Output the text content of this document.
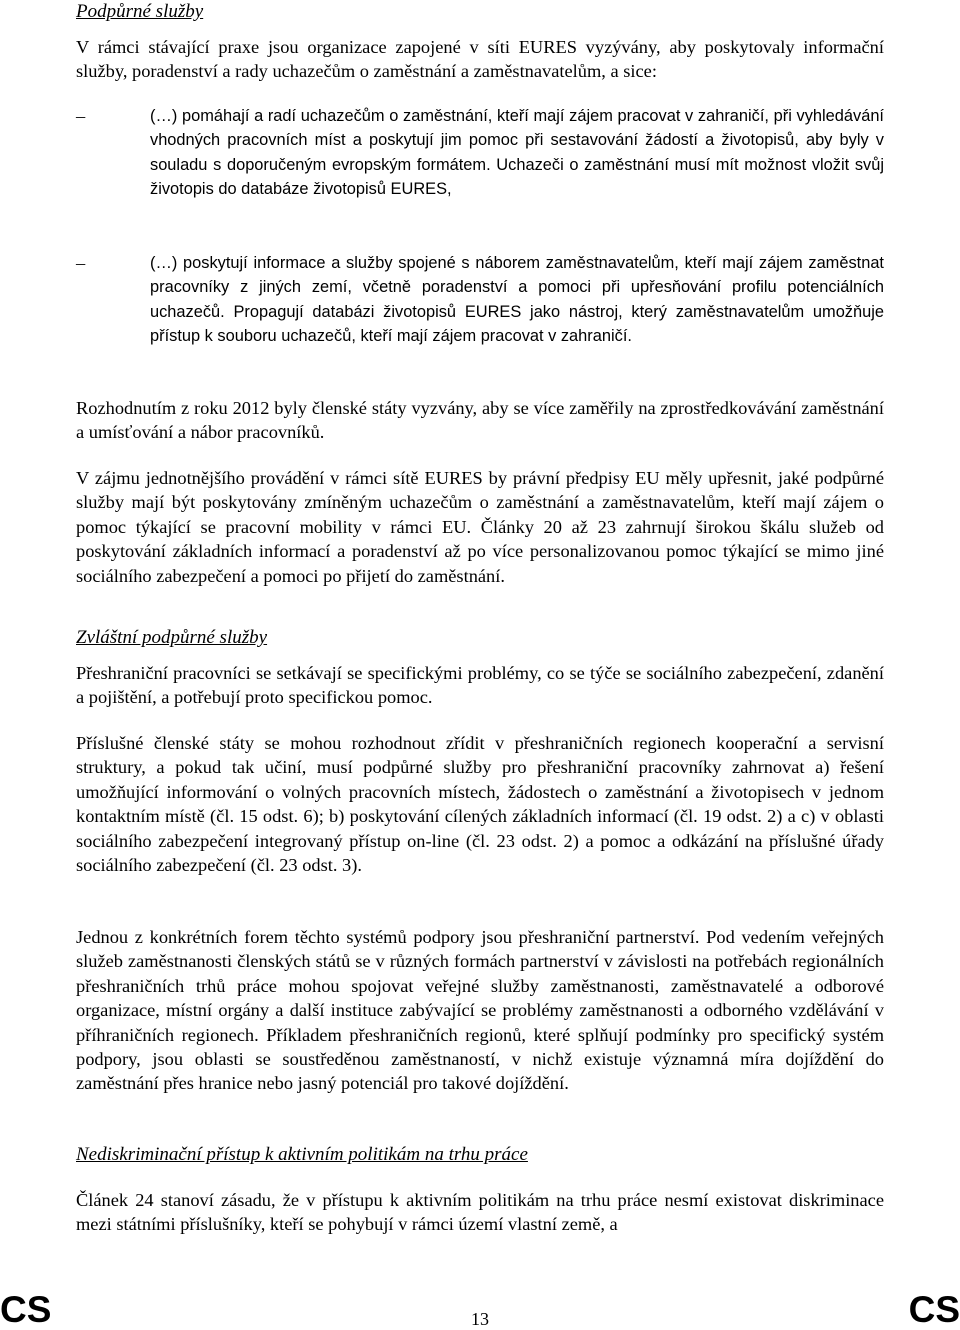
Podpůrné služby

V rámci stávající praxe jsou organizace zapojené v síti EURES vyzývány, aby poskytovaly informační služby, poradenství a rady uchazečům o zaměstnání a zaměstnavatelům, a sice:

–	(…) pomáhají a radí uchazečům o zaměstnání, kteří mají zájem pracovat v zahraničí, při vyhledávání vhodných pracovních míst a poskytují jim pomoc při sestavování žádostí a životopisů, aby byly v souladu s doporučeným evropským formátem. Uchazeči o zaměstnání musí mít možnost vložit svůj životopis do databáze životopisů EURES,

–	(…) poskytují informace a služby spojené s náborem zaměstnavatelům, kteří mají zájem zaměstnat pracovníky z jiných zemí, včetně poradenství a pomoci při upřesňování profilu potenciálních uchazečů. Propagují databázi životopisů EURES jako nástroj, který zaměstnavatelům umožňuje přístup k souboru uchazečů, kteří mají zájem pracovat v zahraničí.

Rozhodnutím z roku 2012 byly členské státy vyzvány, aby se více zaměřily na zprostředkovávání zaměstnání a umísťování a nábor pracovníků.

V zájmu jednotnějšího provádění v rámci sítě EURES by právní předpisy EU měly upřesnit, jaké podpůrné služby mají být poskytovány zmíněným uchazečům o zaměstnání a zaměstnavatelům, kteří mají zájem o pomoc týkající se pracovní mobility v rámci EU. Články 20 až 23 zahrnují širokou škálu služeb od poskytování základních informací a poradenství až po více personalizovanou pomoc týkající se mimo jiné sociálního zabezpečení a pomoci po přijetí do zaměstnání.

Zvláštní podpůrné služby

Přeshraniční pracovníci se setkávají se specifickými problémy, co se týče se sociálního zabezpečení, zdanění a pojištění, a potřebují proto specifickou pomoc.

Příslušné členské státy se mohou rozhodnout zřídit v přeshraničních regionech kooperační a servisní struktury, a pokud tak učiní, musí podpůrné služby pro přeshraniční pracovníky zahrnovat a) řešení umožňující informování o volných pracovních místech, žádostech o zaměstnání a životopisech v jednom kontaktním místě (čl. 15 odst. 6); b) poskytování cílených základních informací (čl. 19 odst. 2) a c) v oblasti sociálního zabezpečení integrovaný přístup on-line (čl. 23 odst. 2) a pomoc a odkázání na příslušné úřady sociálního zabezpečení (čl. 23 odst. 3).

Jednou z konkrétních forem těchto systémů podpory jsou přeshraniční partnerství. Pod vedením veřejných služeb zaměstnanosti členských států se v různých formách partnerství v závislosti na potřebách regionálních přeshraničních trhů práce mohou spojovat veřejné služby zaměstnanosti, zaměstnavatelé a odborové organizace, místní orgány a další instituce zabývající se problémy zaměstnanosti a odborného vzdělávání v příhraničních regionech. Příkladem přeshraničních regionů, které splňují podmínky pro specifický systém podpory, jsou oblasti se soustředěnou zaměstnaností, v nichž existuje významná míra dojíždění do zaměstnání přes hranice nebo jasný potenciál pro takové dojíždění.

Nediskriminační přístup k aktivním politikám na trhu práce

Článek 24 stanoví zásadu, že v přístupu k aktivním politikám na trhu práce nesmí existovat diskriminace mezi státními příslušníky, kteří se pohybují v rámci území vlastní země, a

CS	13	CS
